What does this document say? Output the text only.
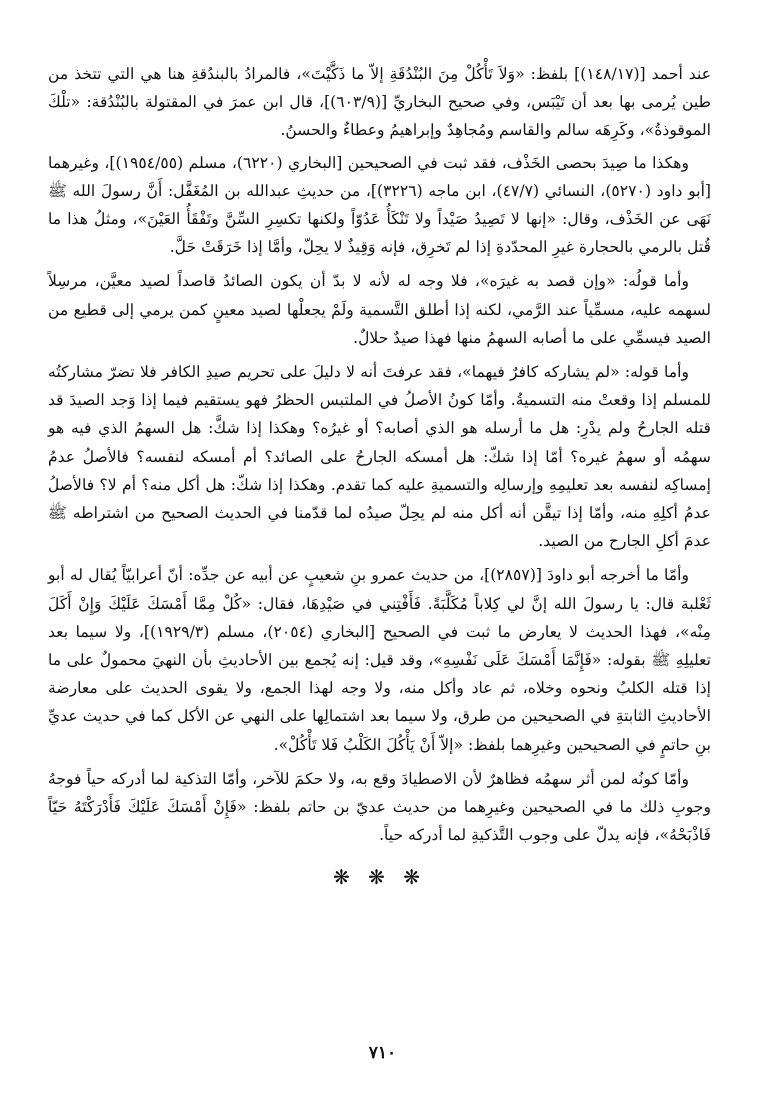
عند أحمد [(١٤٨/١٧)] بلفظ: «وَلاَ تَأْكُلْ مِنَ البُنْدُقَةِ إلاّ ما ذَكَّيْتَ»، فالمرادُ بالبندُقةِ هنا هي التي تتخذ من طين يُرمى بها بعد أن تَيْبَس، وفي صحيح البخاريِّ [(٦٠٣/٩)]، قال ابن عمرَ في المقتولة بالبُنْدُقة: «تلْكَ الموقوذةُ»، وكَرِهَه سالم والقاسم ومُجاهِدٌ وإبراهيمُ وعطاءٌ والحسنُ.

وهكذا ما صِيدَ بحصى الخَذْف، فقد ثبت في الصحيحين [البخاري (٦٢٢٠)، مسلم (١٩٥٤/٥٥)]، وغيرهما [أبو داود (٥٢٧٠)، النسائي (٤٧/٧)، ابن ماجه (٣٢٢٦)]، من حديثِ عبدالله بن المُغَفَّل: أَنَّ رسولَ الله ﷺ نَهَى عن الخَذْف، وقال: «إنها لا تَصِيدُ صَيْداً ولا تَنْكَأُ عَدُوّاً ولكنها تكسِرِ السِّنَّ وتَفْقَأُ العَيْنَ»، ومثلُ هذا ما قُتل بالرمي بالحجارة غيرِ المحدّدةِ إذا لم تَخرِق، فإنه وَقِيذٌ لا يحِلّ، وأمَّا إذا خَرَقَتْ حَلَّ.

وأما قولُه: «وإن قصد به غيرَه»، فلا وجه له لأنه لا بدّ أن يكون الصائدُ قاصداً لصيد معيَّن، مرسِلاً لسهمه عليه، مسمِّياً عند الرَّمي، لكنه إذا أطلق التَّسمية ولَمْ يجعلْها لصيد معينٍ كمن يرمي إلى قطيع من الصيد فيسمِّي على ما أصابه السهمُ منها فهذا صيدٌ حلالٌ.

وأما قوله: «لم يشاركه كافرٌ فيهما»، فقد عرفتَ أنه لا دليلَ على تحريم صيدِ الكافر فلا تضرّ مشاركتُه للمسلم إذا وقعتْ منه التسميةُ. وأمّا كونُ الأصلُ في الملتبس الحظرُ فهو يستقيم فيما إذا وَجد الصيدَ قد قتله الجارحُ ولم يدْرِ: هل ما أرسله هو الذي أصابه؟ أو غيرُه؟ وهكذا إذا شكَّ: هل السهمُ الذي فيه هو سهمُه أو سهمُ غيره؟ أمّا إذا شكّ: هل أمسكه الجارحُ على الصائد؟ أم أمسكه لنفسه؟ فالأصلُ عدمُ إمساكِه لنفسه بعد تعليمِهِ وإرسالِه والتسميةِ عليه كما تقدم. وهكذا إذا شكّ: هل أكل منه؟ أم لا؟ فالأصلُ عدمُ أكلِهِ منه، وأمّا إذا تيقَّن أنه أكل منه لم يحِلّ صيدُه لما قدّمنا في الحديث الصحيح من اشتراطه ﷺ عدمَ أكلِ الجارح من الصيد.

وأمّا ما أخرجه أبو داودَ [(٢٨٥٧)]، من حديث عمرو بنِ شعيبٍ عن أبيه عن جدِّه: أنّ أعرابيّاً يُقال له أبو ثَعْلبة قال: يا رسولَ الله إنَّ لي كِلاباً مُكَلَّبَةً. فَأَفْتِني في صَيْدِهَا، فقال: «كُلْ مِمَّا أَمْسَكَ عَلَيْكَ وَإِنْ أَكَلَ مِنْه»، فهذا الحديث لا يعارض ما ثبت في الصحيح [البخاري (٢٠٥٤)، مسلم (١٩٢٩/٣)]، ولا سيما بعد تعليلِهِ ﷺ بقوله: «فَإِنَّمَا أَمْسَكَ عَلَى نَفْسِهِ»، وقد قيل: إنه يُجمع بين الأحاديثِ بأن النهيَ محمولٌ على ما إذا قتله الكلبُ ونحوه وخلاه، ثم عاد وأكل منه، ولا وجه لهذا الجمع، ولا يقوى الحديث على معارضة الأحاديثِ الثابتةِ في الصحيحين من طرق، ولا سيما بعد اشتمالِها على النهي عن الأكل كما في حديث عديِّ بنِ حاتمٍ في الصحيحين وغيرِهما بلفظ: «إلاّ أَنْ يَأْكُلَ الكَلْبُ فَلا تَأْكُلْ».

وأمّا كونُه لمن أثر سهمُه فظاهرٌ لأن الاصطيادَ وقع به، ولا حكمَ للآخر، وأمّا التذكية لما أدركه حياً فوجهُ وجوبِ ذلك ما في الصحيحين وغيرِهما من حديث عديّ بن حاتم بلفظ: «فَإِنْ أَمْسَكَ عَلَيْكَ فَأَدْرَكْتَهُ حَيّاً فَاذْبَحْهُ»، فإنه يدلّ على وجوب التَّذكيةِ لما أدركه حياً.

❋ ❋ ❋
٧١٠
